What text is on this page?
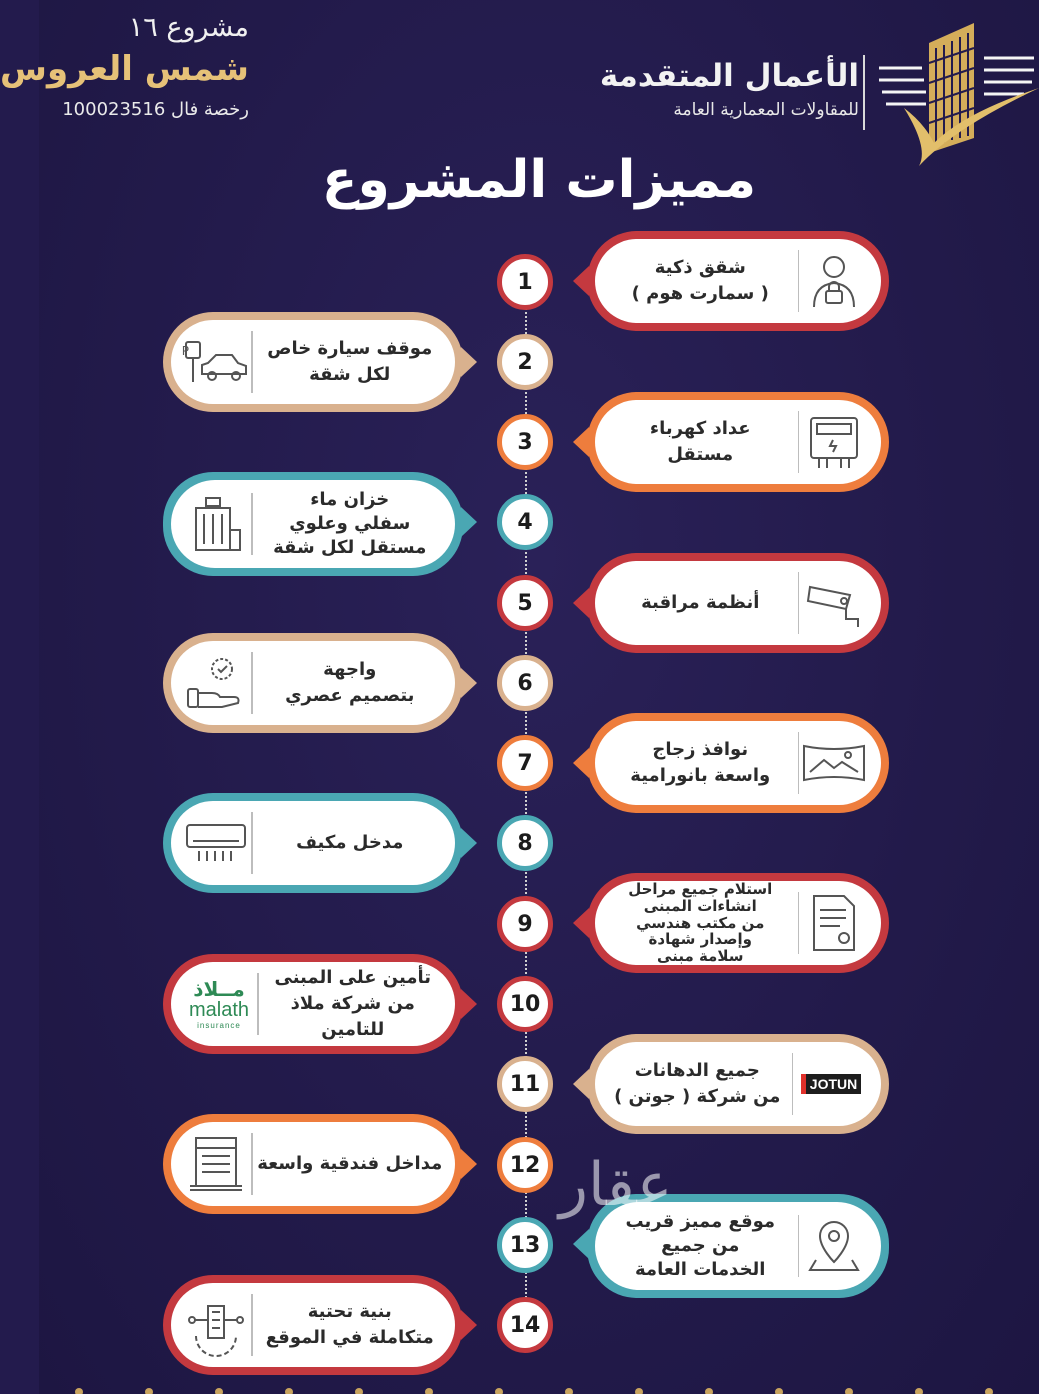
الأعمال المتقدمة
للمقاولات المعمارية العامة
مشروع ١٦
شمس العروس
رخصة فال 100023516
مميزات المشروع
1
2
3
4
5
6
7
8
9
10
11
12
13
14
شقق ذكية
( سمارت هوم )
P	موقف سيارة خاص
لكل شقة
عداد كهرباء
مستقل
خزان ماء
سفلي وعلوي
مستقل لكل شقة
أنظمة مراقبة
واجهة
بتصميم عصري
نوافذ زجاج
واسعة بانورامية
مدخل مكيف
استلام جميع مراحل
انشاءات المبنى
من مكتب هندسي
وإصدار شهادة
سلامة مبنى
مــلاذ
malath
insurance
تأمين على المبنى
من شركة ملاذ للتامين
جميع الدهانات
من شركة ( جوتن )
JOTUN
مداخل فندقية واسعة
موقع مميز قريب
من جميع
الخدمات العامة
بنية تحتية
متكاملة في الموقع
عقار
